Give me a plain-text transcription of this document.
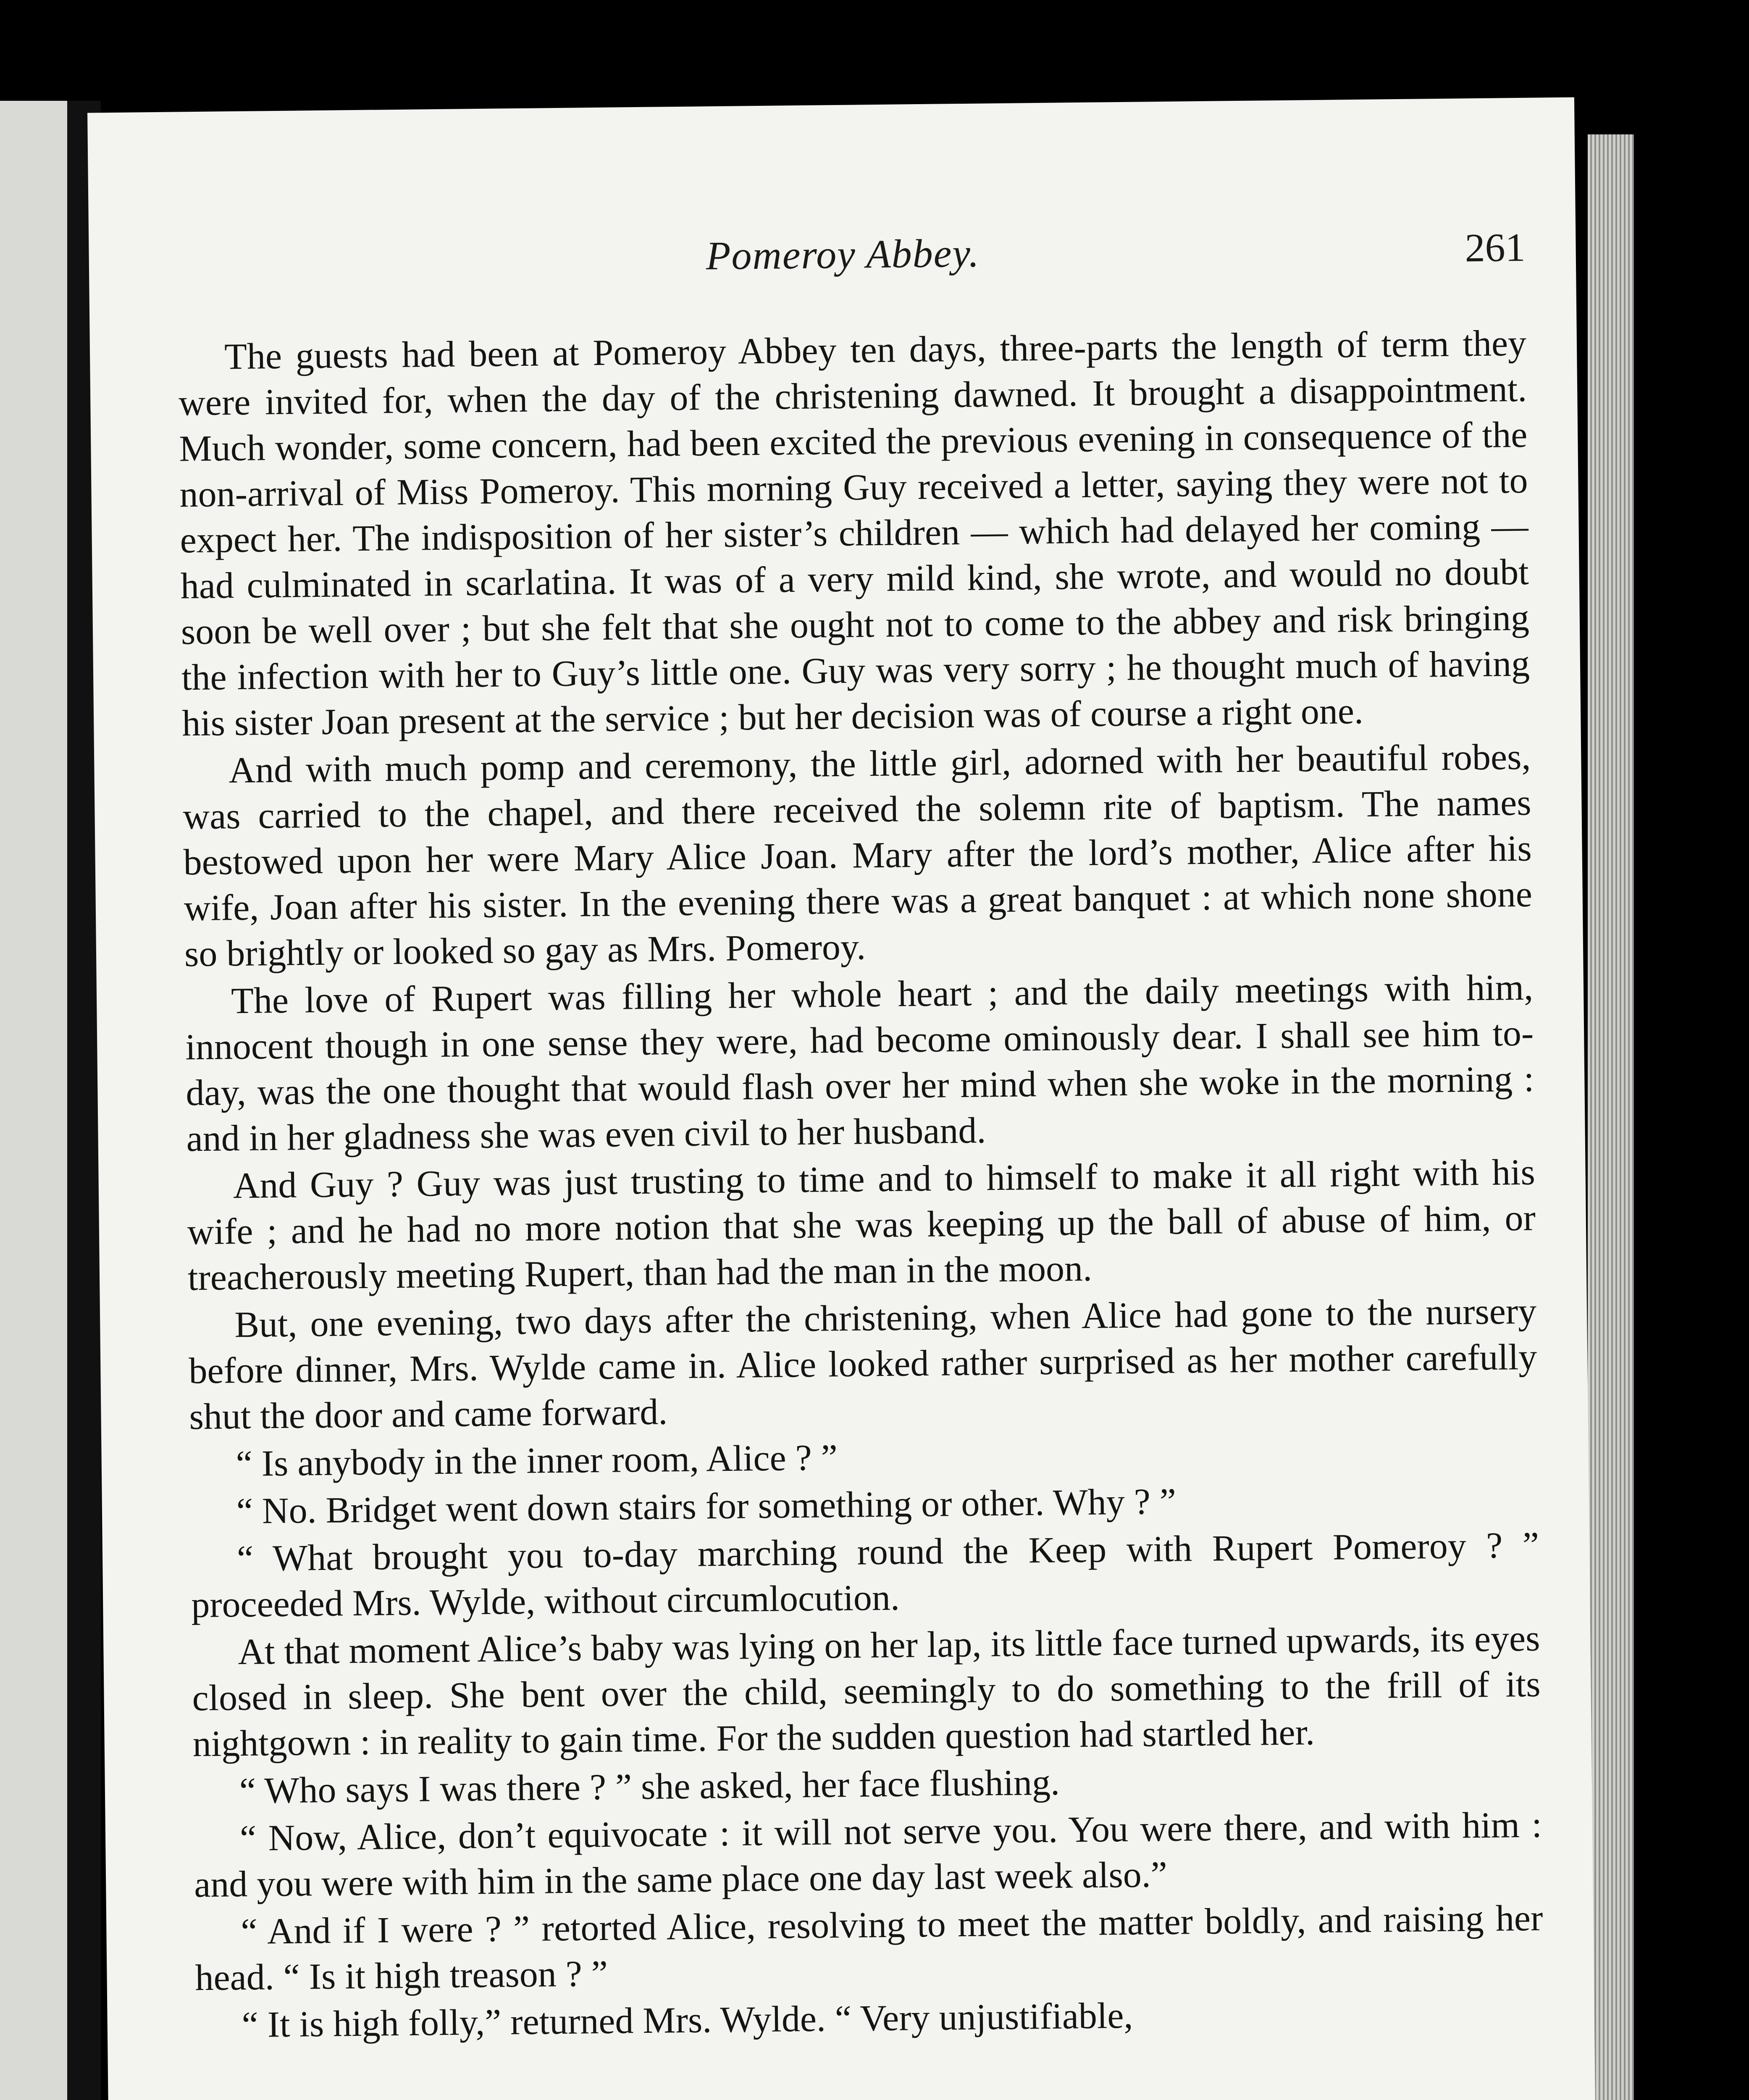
Pomeroy Abbey.	261

The guests had been at Pomeroy Abbey ten days, three-parts the length of term they were invited for, when the day of the christening dawned. It brought a disappointment. Much wonder, some concern, had been excited the previous evening in consequence of the non-arrival of Miss Pomeroy. This morning Guy received a letter, saying they were not to expect her. The indisposition of her sister’s children — which had delayed her coming — had culminated in scarlatina. It was of a very mild kind, she wrote, and would no doubt soon be well over ; but she felt that she ought not to come to the abbey and risk bringing the infection with her to Guy’s little one. Guy was very sorry ; he thought much of having his sister Joan present at the service ; but her decision was of course a right one.

And with much pomp and ceremony, the little girl, adorned with her beautiful robes, was carried to the chapel, and there received the solemn rite of baptism. The names bestowed upon her were Mary Alice Joan. Mary after the lord’s mother, Alice after his wife, Joan after his sister. In the evening there was a great banquet : at which none shone so brightly or looked so gay as Mrs. Pomeroy.

The love of Rupert was filling her whole heart ; and the daily meetings with him, innocent though in one sense they were, had become ominously dear. I shall see him to-day, was the one thought that would flash over her mind when she woke in the morning : and in her gladness she was even civil to her husband.

And Guy ? Guy was just trusting to time and to himself to make it all right with his wife ; and he had no more notion that she was keeping up the ball of abuse of him, or treacherously meeting Rupert, than had the man in the moon.

But, one evening, two days after the christening, when Alice had gone to the nursery before dinner, Mrs. Wylde came in. Alice looked rather surprised as her mother carefully shut the door and came forward.

“ Is anybody in the inner room, Alice ? ”

“ No. Bridget went down stairs for something or other. Why ? ”

“ What brought you to-day marching round the Keep with Rupert Pomeroy ? ” proceeded Mrs. Wylde, without circumlocution.

At that moment Alice’s baby was lying on her lap, its little face turned upwards, its eyes closed in sleep. She bent over the child, seemingly to do something to the frill of its nightgown : in reality to gain time. For the sudden question had startled her.

“ Who says I was there ? ” she asked, her face flushing.

“ Now, Alice, don’t equivocate : it will not serve you. You were there, and with him : and you were with him in the same place one day last week also.”

“ And if I were ? ” retorted Alice, resolving to meet the matter boldly, and raising her head. “ Is it high treason ? ”

“ It is high folly,” returned Mrs. Wylde. “ Very unjustifiable,
